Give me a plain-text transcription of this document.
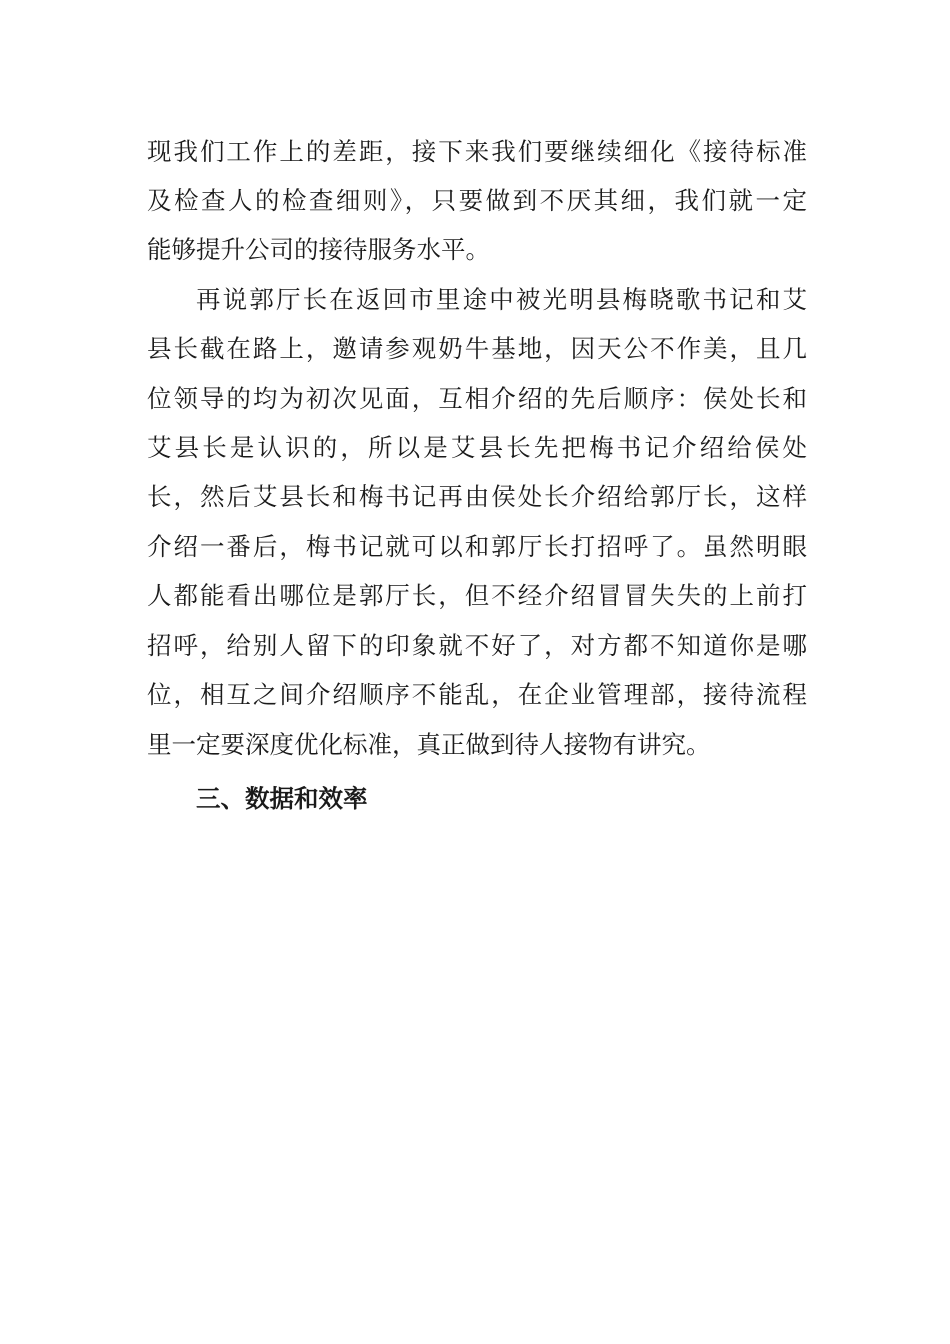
现我们工作上的差距，接下来我们要继续细化《接待标准
及检查人的检查细则》，只要做到不厌其细，我们就一定
能够提升公司的接待服务水平。
再说郭厅长在返回市里途中被光明县梅晓歌书记和艾
县长截在路上，邀请参观奶牛基地，因天公不作美，且几
位领导的均为初次见面，互相介绍的先后顺序：侯处长和
艾县长是认识的，所以是艾县长先把梅书记介绍给侯处
长，然后艾县长和梅书记再由侯处长介绍给郭厅长，这样
介绍一番后，梅书记就可以和郭厅长打招呼了。虽然明眼
人都能看出哪位是郭厅长，但不经介绍冒冒失失的上前打
招呼，给别人留下的印象就不好了，对方都不知道你是哪
位，相互之间介绍顺序不能乱，在企业管理部，接待流程
里一定要深度优化标准，真正做到待人接物有讲究。
三、数据和效率
